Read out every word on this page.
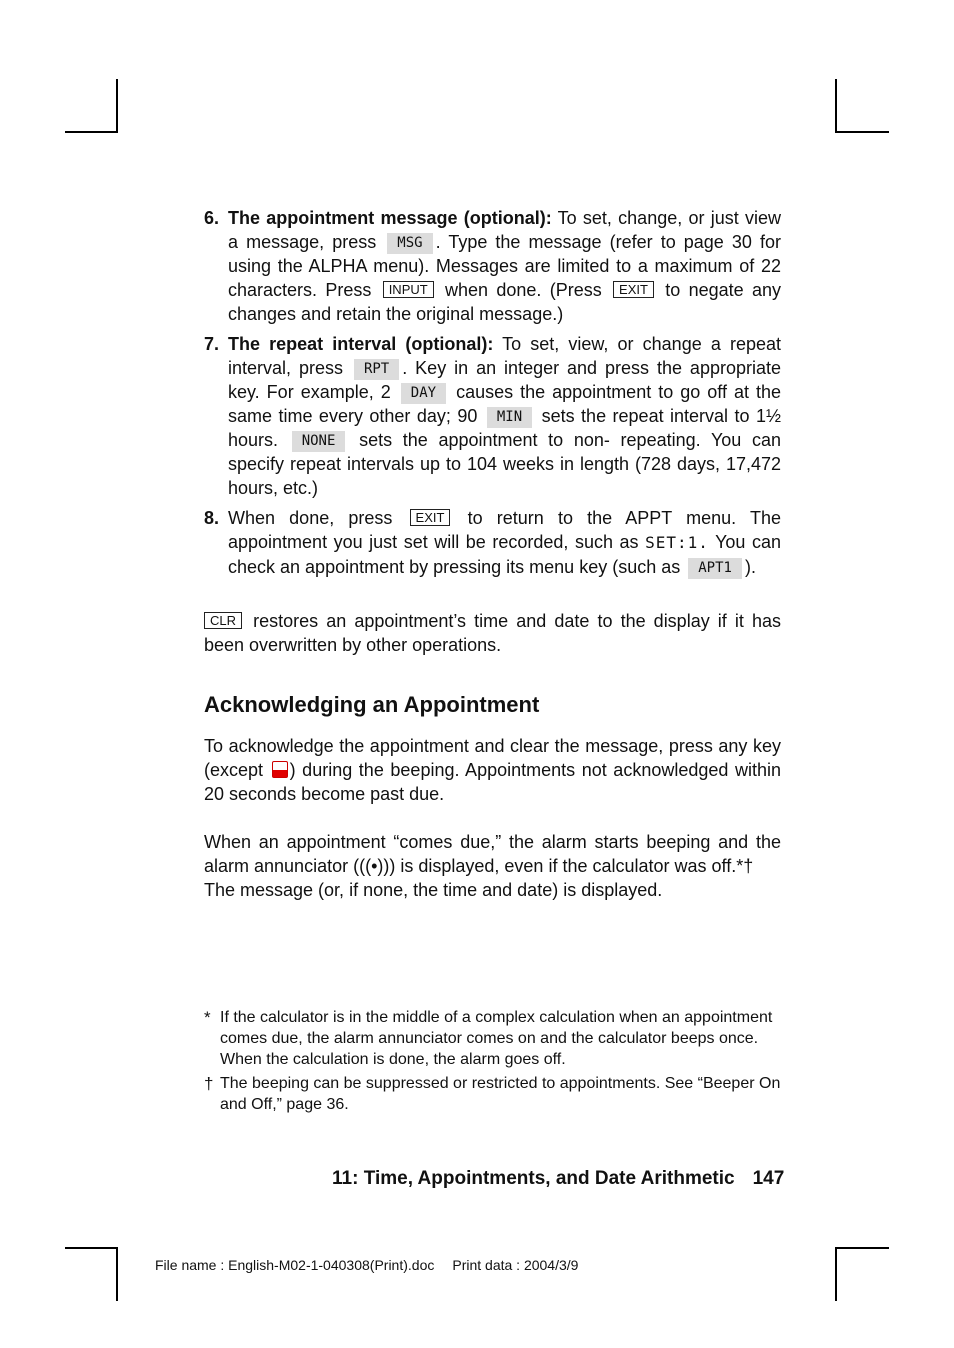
6. The appointment message (optional): To set, change, or just view a message, press MSG . Type the message (refer to page 30 for using the ALPHA menu). Messages are limited to a maximum of 22 characters. Press INPUT when done. (Press EXIT to negate any changes and retain the original message.)
7. The repeat interval (optional): To set, view, or change a repeat interval, press RPT . Key in an integer and press the appropriate key. For example, 2 DAY causes the appointment to go off at the same time every other day; 90 MIN sets the repeat interval to 1½ hours. NONE sets the appointment to non- repeating. You can specify repeat intervals up to 104 weeks in length (728 days, 17,472 hours, etc.)
8. When done, press EXIT to return to the APPT menu. The appointment you just set will be recorded, such as SET:1. You can check an appointment by pressing its menu key (such as APT1 ).

CLR restores an appointment’s time and date to the display if it has been overwritten by other operations.

Acknowledging an Appointment

To acknowledge the appointment and clear the message, press any key (except ) during the beeping. Appointments not acknowledged within 20 seconds become past due.

When an appointment “comes due,” the alarm starts beeping and the alarm annunciator (((•))) is displayed, even if the calculator was off.*†
The message (or, if none, the time and date) is displayed.

* If the calculator is in the middle of a complex calculation when an appointment comes due, the alarm annunciator comes on and the calculator beeps once. When the calculation is done, the alarm goes off.
† The beeping can be suppressed or restricted to appointments. See “Beeper On and Off,” page 36.
11: Time, Appointments, and Date Arithmetic 147
File name : English-M02-1-040308(Print).doc Print data : 2004/3/9
